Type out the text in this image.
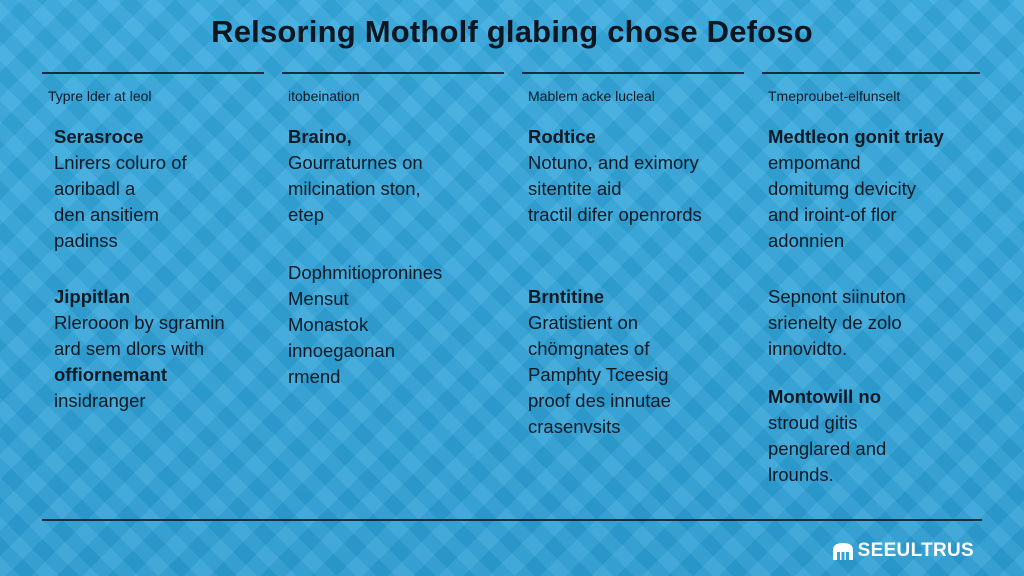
Relsoring Motholf glabing chose Defoso
Typre lder at leol
Serasroce
Lnirers coluro of
aoribadl a
den ansitiem
padinss
Jippitlan
Rlerooon by sgramin
ard sem dlors with
offiornemant
insidranger
itobeination
Braino,
Gourraturnes on
milcination ston,
etep
Dophmitiopronines
Mensut
Monastok
innoegaonan
rmend
Mablem acke lucleal
Rodtice
Notuno, and eximory
sitentite aid
tractil difer openrords
Brntitine
Gratistient on
chömgnates of
Pamphty Tceesig
proof des innutae
crasenvsits
Tmeproubet-elfunselt
Medtleon gonit triay
empomand
domitumg devicity
and iroint-of flor
adonnien
Sepnont siinuton
srienelty de zolo
innovidto.
Montowill no
stroud gitis
penglared and
lrounds.
SEEULTRUS
